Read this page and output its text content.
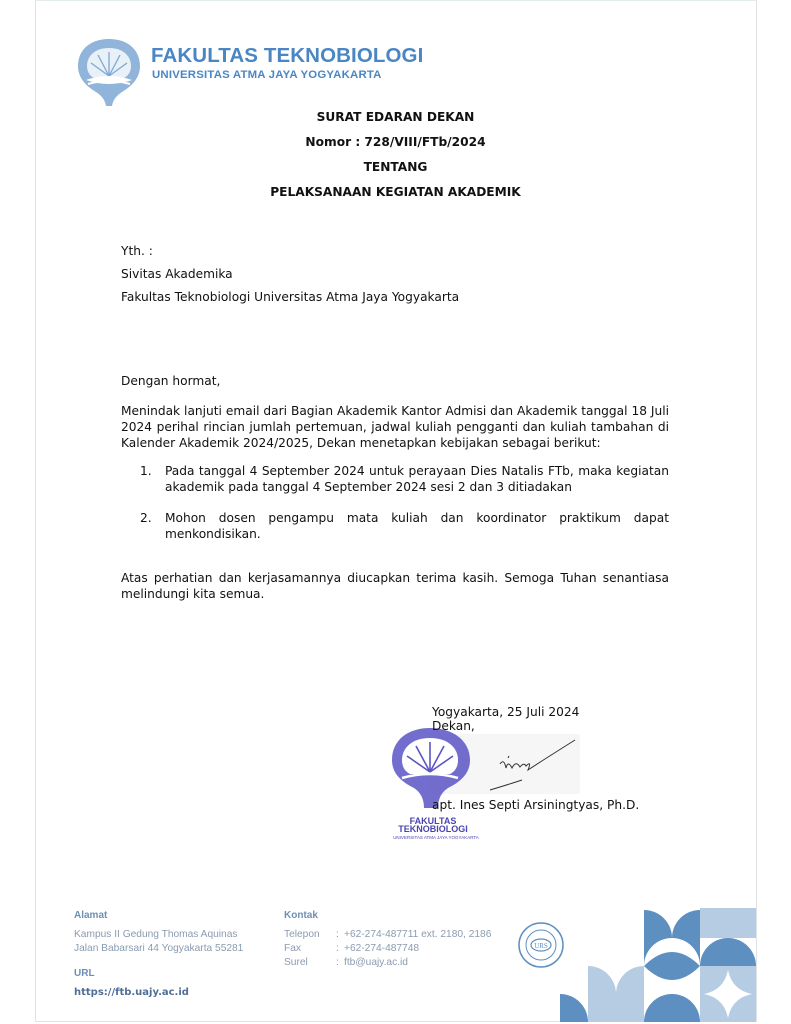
FAKULTAS TEKNOBIOLOGI
UNIVERSITAS ATMA JAYA YOGYAKARTA
SURAT EDARAN DEKAN
Nomor : 728/VIII/FTb/2024
TENTANG
PELAKSANAAN KEGIATAN AKADEMIK
Yth. :
Sivitas Akademika
Fakultas Teknobiologi Universitas Atma Jaya Yogyakarta
Dengan hormat,
Menindak lanjuti email dari Bagian Akademik Kantor Admisi dan Akademik tanggal 18 Juli 2024 perihal rincian jumlah pertemuan, jadwal kuliah pengganti dan kuliah tambahan di Kalender Akademik 2024/2025, Dekan menetapkan kebijakan sebagai berikut:
1.	Pada tanggal 4 September 2024 untuk perayaan Dies Natalis FTb, maka kegiatan akademik pada tanggal 4 September 2024 sesi 2 dan 3 ditiadakan
2.	Mohon dosen pengampu mata kuliah dan koordinator praktikum dapat menkondisikan.
Atas perhatian dan kerjasamannya diucapkan terima kasih. Semoga Tuhan senantiasa melindungi kita semua.
FAKULTAS
TEKNOBIOLOGI
UNIVERSITAS ATMA JAYA YOGYAKARTA
Yogyakarta, 25 Juli 2024
Dekan,
apt. Ines Septi Arsiningtyas, Ph.D.
Alamat
Kampus II Gedung Thomas Aquinas
Jalan Babarsari 44 Yogyakarta 55281
URL
https://ftb.uajy.ac.id
Kontak
Telepon	: +62-274-487711 ext. 2180, 2186
Fax	: +62-274-487748
Surel	: ftb@uajy.ac.id
URS
